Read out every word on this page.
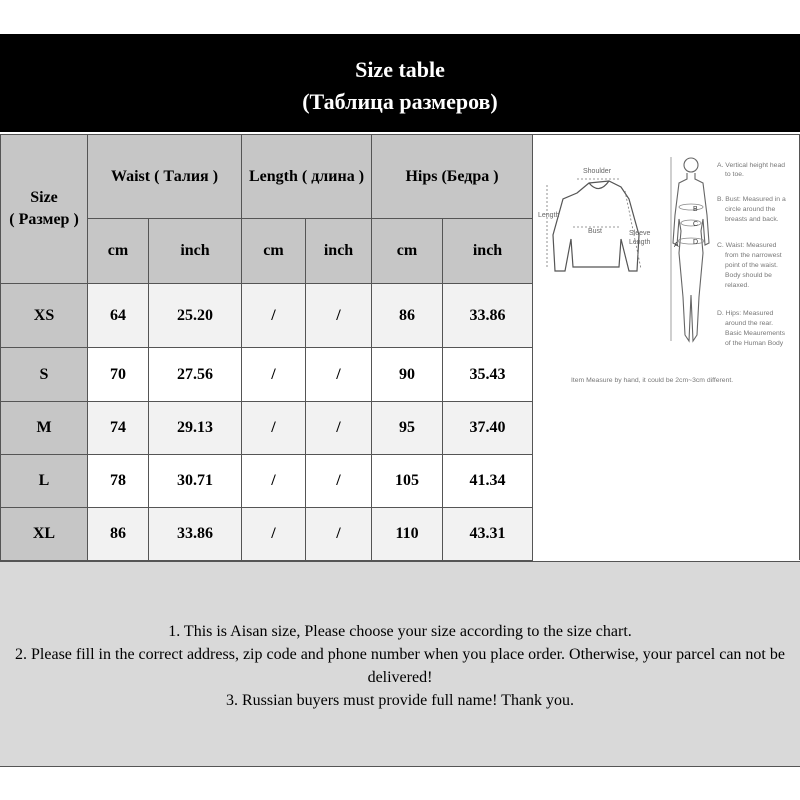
Size table
(Таблица размеров)
Size
( Размер )	Waist ( Талия )		Length ( длина )		Hips (Бедра )	
	cm	inch	cm	inch	cm	inch
XS	64	25.20	/	/	86	33.86
S	70	27.56	/	/	90	35.43
M	74	29.13	/	/	95	37.40
L	78	30.71	/	/	105	41.34
XL	86	33.86	/	/	110	43.31
Shoulder
Length
Bust	Sleeve
Length	A
B
C
D
A. Vertical height head to toe.
B. Bust: Measured in a circle around the breasts and back.
C. Waist: Measured from the narrowest point of the waist. Body should be relaxed.
D. Hips: Measured around the rear. Basic Meaurements of the Human Body
Item Measure by hand, it could be 2cm~3cm different.

1. This is Aisan size, Please choose your size according to the size chart.

2. Please fill in the correct address, zip code and phone number when you place order. Otherwise, your parcel can not be delivered!

3. Russian buyers must provide full name! Thank you.
